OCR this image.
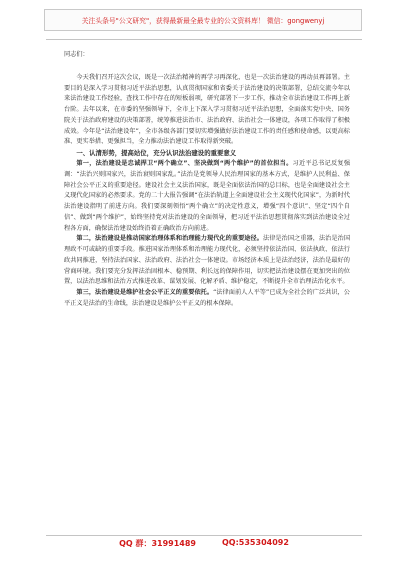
关注头条号"公文研究"，获得最新最全最专业的公文资料库！ 微信：gongwenyj

同志们：

今天我们召开这次会议，既是一次法治精神的再学习再深化，也是一次法治建设的再动员再部署。主要目的是深入学习贯彻习近平法治思想，认真贯彻国家和省委关于法治建设的决策部署，总结交流今年以来法治建设工作经验，查找工作中存在的短板弱项，研究部署下一步工作，推动全市法治建设工作再上新台阶。去年以来，在市委的坚强领导下，全市上下深入学习贯彻习近平法治思想，全面落实党中央、国务院关于法治政府建设的决策部署，统筹推进法治市、法治政府、法治社会一体建设，各项工作取得了积极成效。今年是“法治建设年”，全市各级各部门要切实增强做好法治建设工作的责任感和使命感，以更高标准、更实举措、更强担当，全力推动法治建设工作取得新突破。

一、认清形势，提高站位，充分认识法治建设的重要意义

第一，法治建设是忠诚捍卫“两个确立”、坚决做到“两个维护”的首位担当。习近平总书记反复强调：“法治兴则国家兴，法治衰则国家乱。”法治是党领导人民治理国家的基本方式，是维护人民利益、保障社会公平正义的重要途径。建设社会主义法治国家，既是全面依法治国的总目标，也是全面建设社会主义现代化国家的必然要求。党的二十大报告强调“在法治轨道上全面建设社会主义现代化国家”，为新时代法治建设指明了前进方向。我们要深刻领悟“两个确立”的决定性意义，增强“四个意识”、坚定“四个自信”、做到“两个维护”，始终坚持党对法治建设的全面领导，把习近平法治思想贯彻落实到法治建设全过程各方面，确保法治建设始终沿着正确政治方向前进。

第二，法治建设是推动国家治理体系和治理能力现代化的重要途径。法律是治国之重器，法治是治国理政不可或缺的重要手段。推进国家治理体系和治理能力现代化，必须坚持依法治国、依法执政、依法行政共同推进，坚持法治国家、法治政府、法治社会一体建设。市场经济本质上是法治经济，法治是最好的营商环境。我们要充分发挥法治固根本、稳预期、利长远的保障作用，切实把法治建设摆在更加突出的位置，以法治思维和法治方式推进改革、谋划发展、化解矛盾、维护稳定，不断提升全市治理法治化水平。

第三，法治建设是维护社会公平正义的重要依托。“法律面前人人平等”已成为全社会的广泛共识，公平正义是法治的生命线，法治建设是维护公平正义的根本保障。

QQ 群：31991489	QQ:535304092
